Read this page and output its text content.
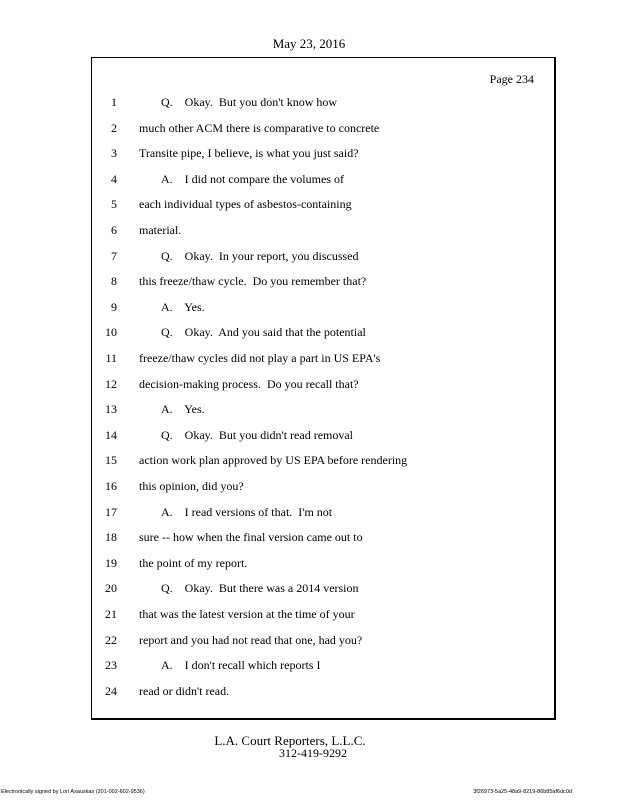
May 23, 2016
Page 234
1	Q.    Okay.  But you don't know how
2 much other ACM there is comparative to concrete
3 Transite pipe, I believe, is what you just said?
4	A.    I did not compare the volumes of
5 each individual types of asbestos-containing
6 material.
7	Q.    Okay.  In your report, you discussed
8 this freeze/thaw cycle.  Do you remember that?
9	A.    Yes.
10	Q.    Okay.  And you said that the potential
11 freeze/thaw cycles did not play a part in US EPA's
12 decision-making process.  Do you recall that?
13	A.    Yes.
14	Q.    Okay.  But you didn't read removal
15 action work plan approved by US EPA before rendering
16 this opinion, did you?
17	A.    I read versions of that.  I'm not
18 sure -- how when the final version came out to
19 the point of my report.
20	Q.    Okay.  But there was a 2014 version
21 that was the latest version at the time of your
22 report and you had not read that one, had you?
23	A.    I don't recall which reports I
24 read or didn't read.
L.A. Court Reporters, L.L.C.
312-419-9292
Electronically signed by Lori Asauskas (201-002-602-9536)	3f26973-5a25-48a9-8219-86b85af6dc0d
